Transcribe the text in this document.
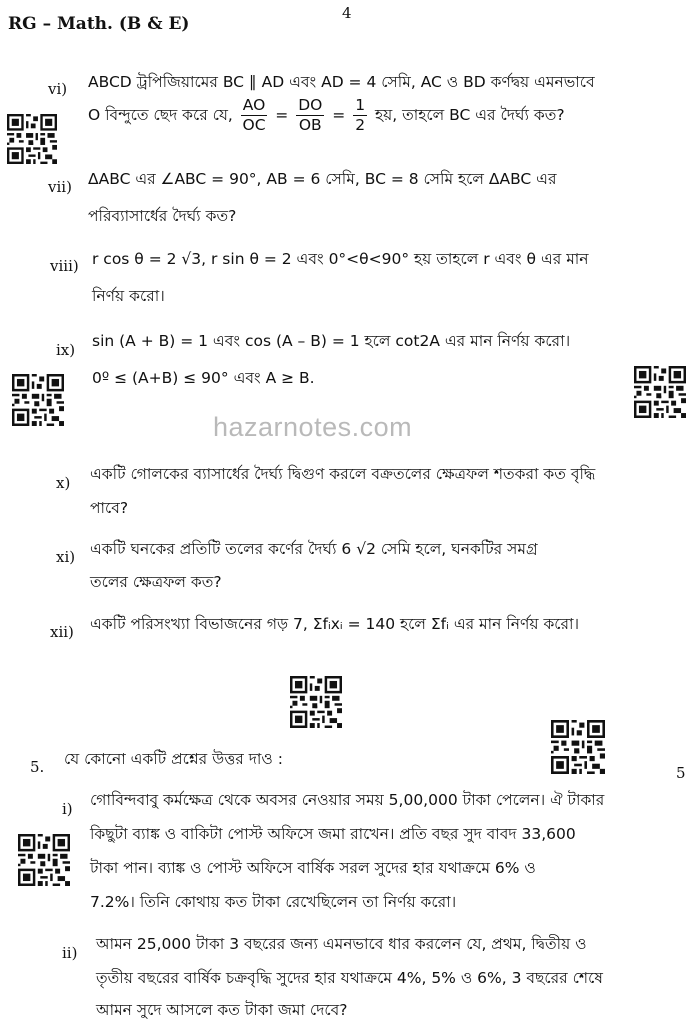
RG – Math. (B & E)
4
vi) ABCD ট্রপিজিয়ামের BC ∥ AD এবং AD = 4 সেমি, AC ও BD কর্ণদ্বয় এমনভাবে
O বিন্দুতে ছেদ করে যে, $\frac{AO}{OC} = \frac{DO}{OB} = \frac{1}{2}$ হয়, তাহলে BC এর দৈর্ঘ্য কত?
vii) ΔABC এর ∠ABC = 90°, AB = 6 সেমি, BC = 8 সেমি হলে ΔABC এর
পরিব্যাসার্ধের দৈর্ঘ্য কত?
viii) r cos θ = 2 √3, r sin θ = 2 এবং 0°<θ<90° হয় তাহলে r এবং θ এর মান
নির্ণয় করো।
ix) sin (A + B) = 1 এবং cos (A – B) = 1 হলে cot2A এর মান নির্ণয় করো।
0º ≤ (A+B) ≤ 90° এবং A ≥ B.
hazarnotes.com
x) একটি গোলকের ব্যাসার্ধের দৈর্ঘ্য দ্বিগুণ করলে বক্রতলের ক্ষেত্রফল শতকরা কত বৃদ্ধি
পাবে?
xi) একটি ঘনকের প্রতিটি তলের কর্ণের দৈর্ঘ্য 6 √2 সেমি হলে, ঘনকটির সমগ্র
তলের ক্ষেত্রফল কত?
xii) একটি পরিসংখ্যা বিভাজনের গড় 7, Σfᵢxᵢ = 140 হলে Σfᵢ এর মান নির্ণয় করো।
5. যে কোনো একটি প্রশ্নের উত্তর দাও :
5
i) গোবিন্দবাবু কর্মক্ষেত্র থেকে অবসর নেওয়ার সময় 5,00,000 টাকা পেলেন। ঐ টাকার
কিছুটা ব্যাঙ্ক ও বাকিটা পোস্ট অফিসে জমা রাখেন। প্রতি বছর সুদ বাবদ 33,600
টাকা পান। ব্যাঙ্ক ও পোস্ট অফিসে বার্ষিক সরল সুদের হার যথাক্রমে 6% ও
7.2%। তিনি কোথায় কত টাকা রেখেছিলেন তা নির্ণয় করো।
ii) আমন 25,000 টাকা 3 বছরের জন্য এমনভাবে ধার করলেন যে, প্রথম, দ্বিতীয় ও
তৃতীয় বছরের বার্ষিক চক্রবৃদ্ধি সুদের হার যথাক্রমে 4%, 5% ও 6%, 3 বছরের শেষে
আমন সুদে আসলে কত টাকা জমা দেবে?
